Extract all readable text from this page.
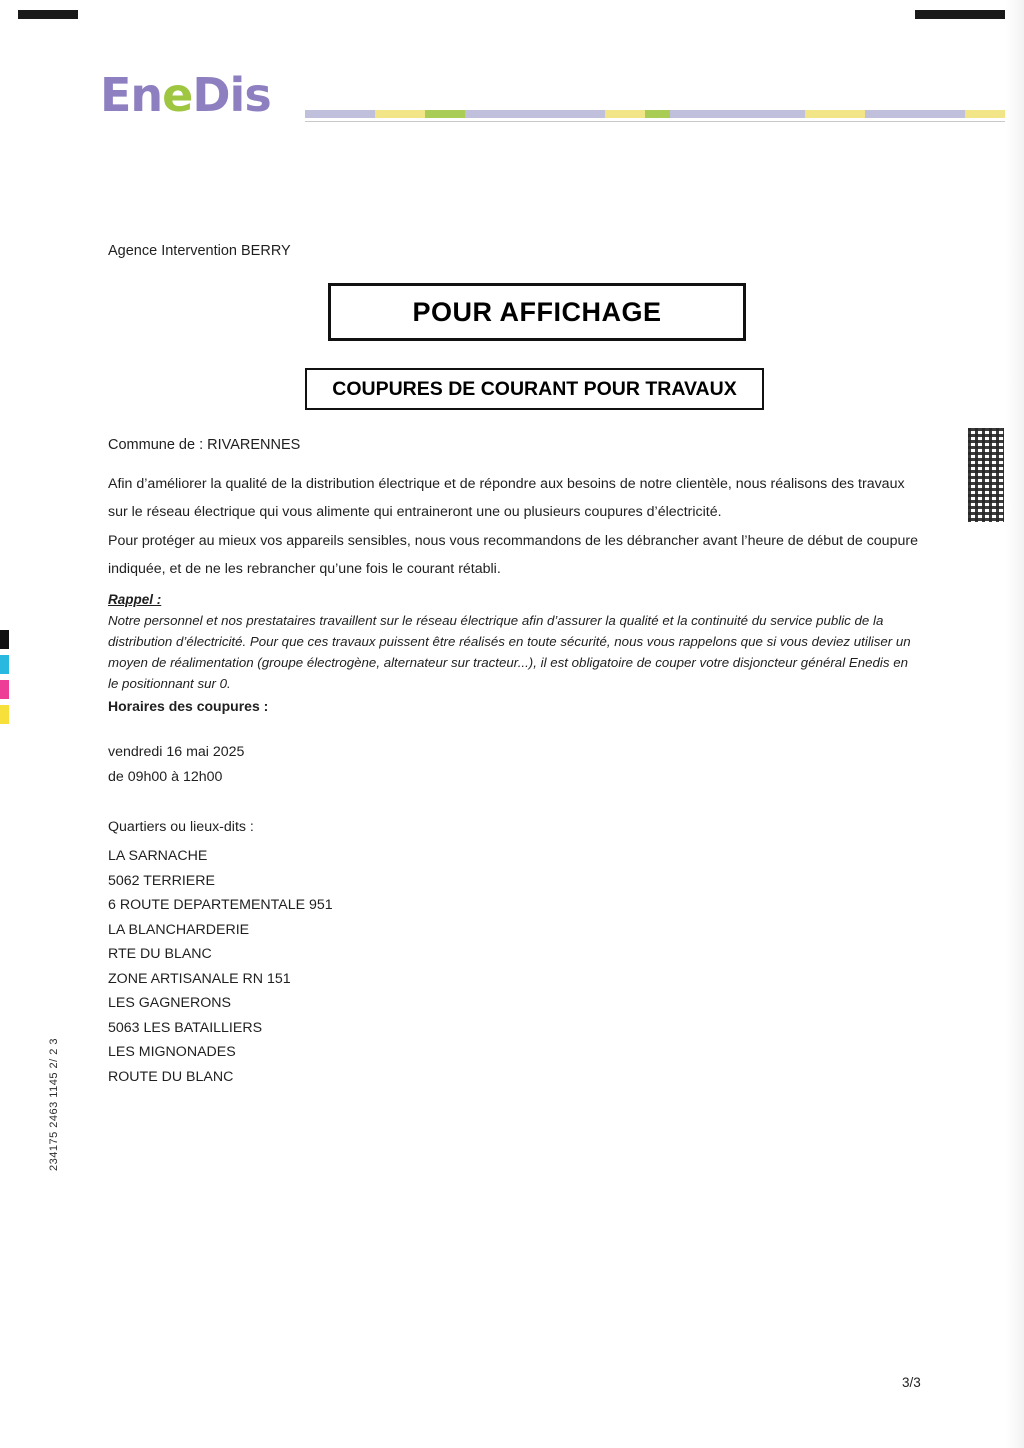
234175 2463 1145 2/ 2 3
EneDis
Agence Intervention BERRY
POUR AFFICHAGE
COUPURES DE COURANT POUR TRAVAUX
Commune de : RIVARENNES
Afin d’améliorer la qualité de la distribution électrique et de répondre aux besoins de notre clientèle, nous réalisons des travaux sur le réseau électrique qui vous alimente qui entraineront une ou plusieurs coupures d’électricité.
Pour protéger au mieux vos appareils sensibles, nous vous recommandons de les débrancher avant l’heure de début de coupure indiquée, et de ne les rebrancher qu’une fois le courant rétabli.
Rappel :
Notre personnel et nos prestataires travaillent sur le réseau électrique afin d’assurer la qualité et la continuité du service public de la distribution d’électricité. Pour que ces travaux puissent être réalisés en toute sécurité, nous vous rappelons que si vous deviez utiliser un moyen de réalimentation (groupe électrogène, alternateur sur tracteur...), il est obligatoire de couper votre disjoncteur général Enedis en le positionnant sur 0.
Horaires des coupures :
vendredi 16 mai 2025
de 09h00 à 12h00
Quartiers ou lieux-dits :
LA SARNACHE
5062 TERRIERE
6 ROUTE DEPARTEMENTALE 951
LA BLANCHARDERIE
RTE DU BLANC
ZONE ARTISANALE RN 151
LES GAGNERONS
5063 LES BATAILLIERS
LES MIGNONADES
ROUTE DU BLANC
3/3
